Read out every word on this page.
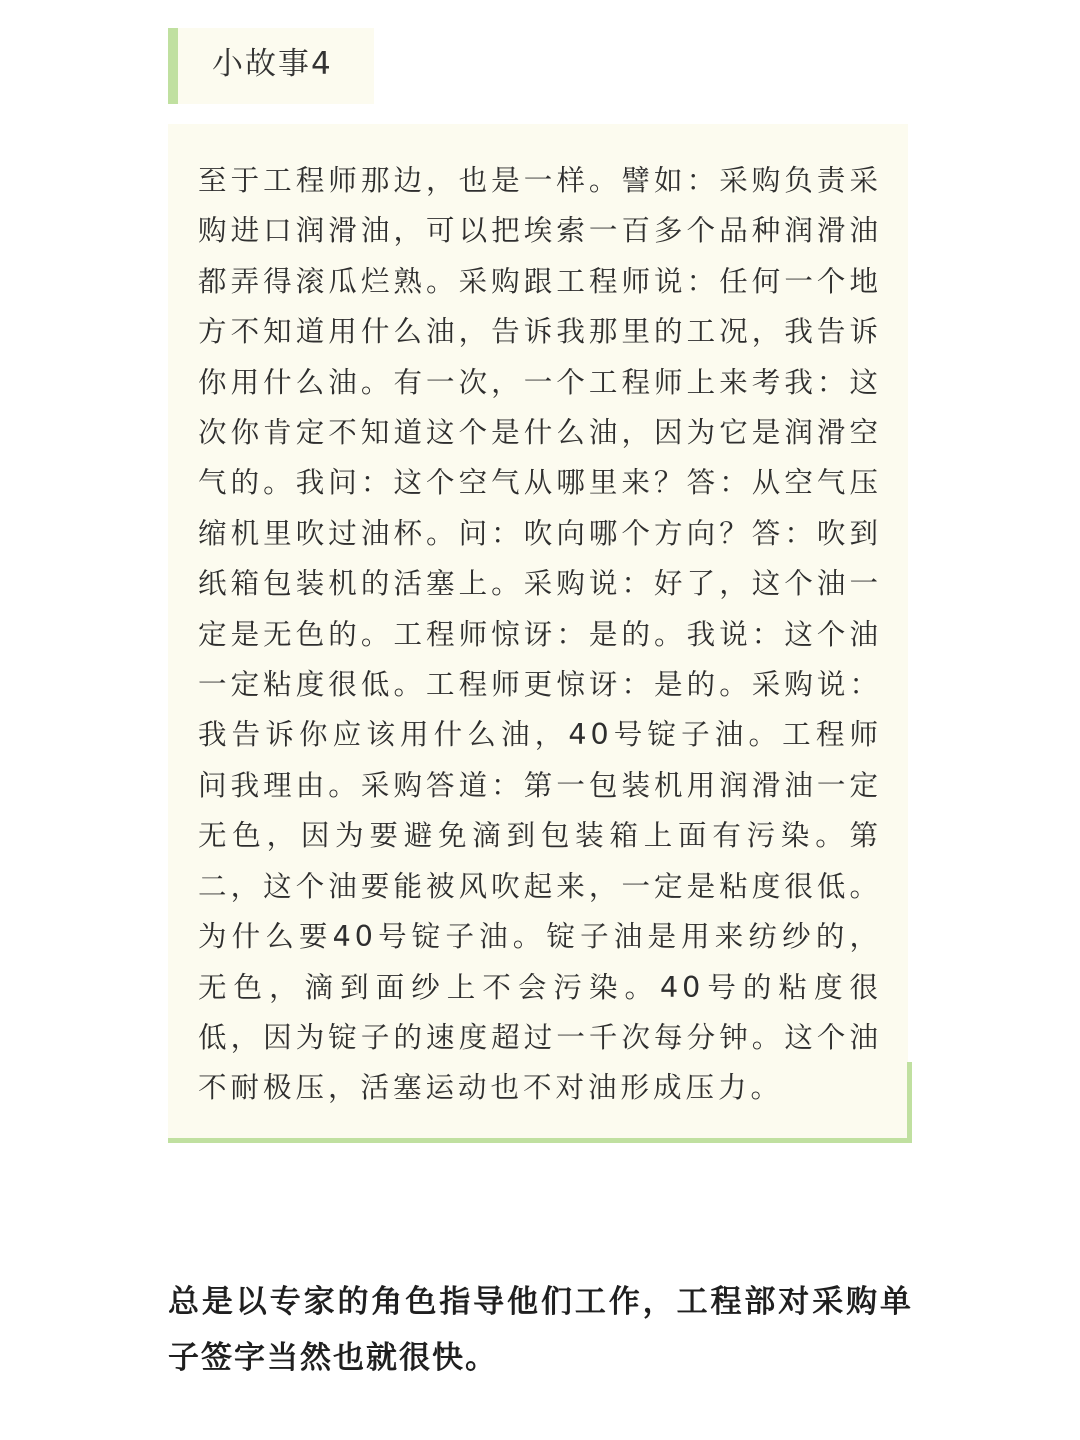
小故事4

至于工程师那边，也是一样。譬如：采购负责采购进口润滑油，可以把埃索一百多个品种润滑油都弄得滚瓜烂熟。采购跟工程师说：任何一个地方不知道用什么油，告诉我那里的工况，我告诉你用什么油。有一次，一个工程师上来考我：这次你肯定不知道这个是什么油，因为它是润滑空气的。我问：这个空气从哪里来？答：从空气压缩机里吹过油杯。问：吹向哪个方向？答：吹到纸箱包装机的活塞上。采购说：好了，这个油一定是无色的。工程师惊讶：是的。我说：这个油一定粘度很低。工程师更惊讶：是的。采购说：我告诉你应该用什么油，40号锭子油。工程师问我理由。采购答道：第一包装机用润滑油一定无色，因为要避免滴到包装箱上面有污染。第二，这个油要能被风吹起来，一定是粘度很低。为什么要40号锭子油。锭子油是用来纺纱的，无色，滴到面纱上不会污染。40号的粘度很低，因为锭子的速度超过一千次每分钟。这个油不耐极压，活塞运动也不对油形成压力。

总是以专家的角色指导他们工作，工程部对采购单子签字当然也就很快。
